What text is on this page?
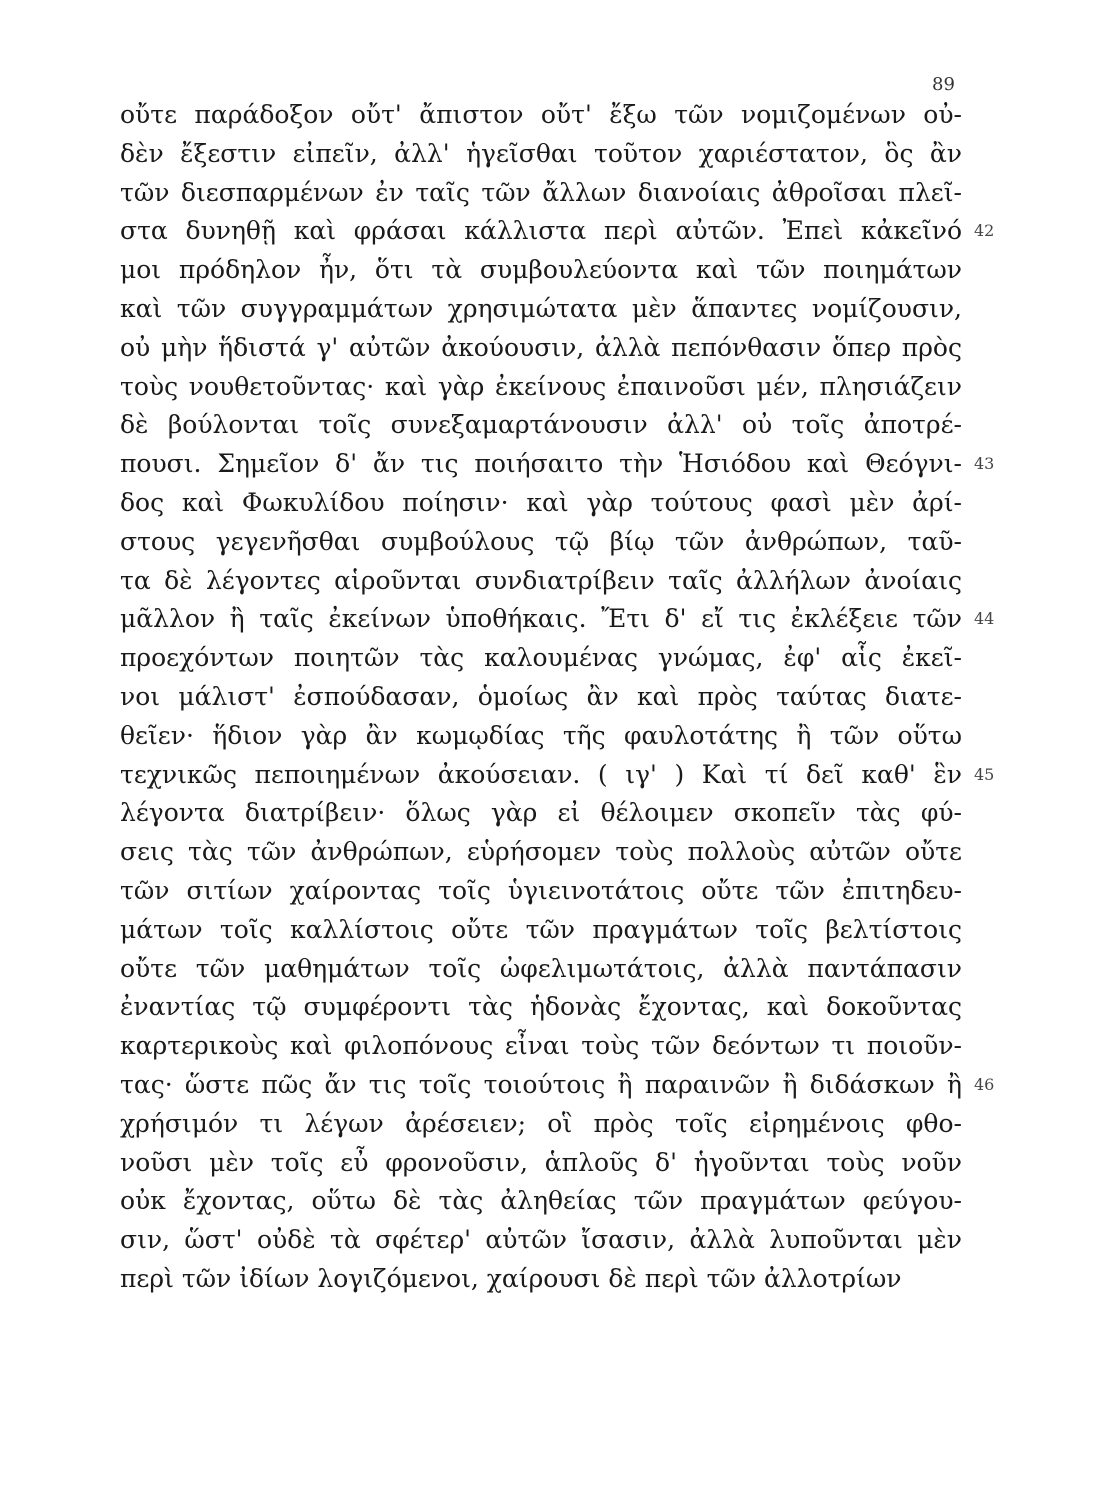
89
οὔτε παράδοξον οὔτ' ἄπιστον οὔτ' ἔξω τῶν νομιζομένων οὐ-
δὲν ἔξεστιν εἰπεῖν, ἀλλ' ἡγεῖσθαι τοῦτον χαριέστατον, ὃς ἂν
τῶν διεσπαρμένων ἐν ταῖς τῶν ἄλλων διανοίαις ἀθροῖσαι πλεῖ-
στα δυνηθῇ καὶ φράσαι κάλλιστα περὶ αὐτῶν. Ἐπεὶ κἀκεῖνό 42
μοι πρόδηλον ἦν, ὅτι τὰ συμβουλεύοντα καὶ τῶν ποιημάτων
καὶ τῶν συγγραμμάτων χρησιμώτατα μὲν ἅπαντες νομίζουσιν,
οὐ μὴν ἥδιστά γ' αὐτῶν ἀκούουσιν, ἀλλὰ πεπόνθασιν ὅπερ πρὸς
τοὺς νουθετοῦντας· καὶ γὰρ ἐκείνους ἐπαινοῦσι μέν, πλησιάζειν
δὲ βούλονται τοῖς συνεξαμαρτάνουσιν ἀλλ' οὐ τοῖς ἀποτρέ-
πουσι. Σημεῖον δ' ἄν τις ποιήσαιτο τὴν Ἡσιόδου καὶ Θεόγνι- 43
δος καὶ Φωκυλίδου ποίησιν· καὶ γὰρ τούτους φασὶ μὲν ἀρί-
στους γεγενῆσθαι συμβούλους τῷ βίῳ τῶν ἀνθρώπων, ταῦ-
τα δὲ λέγοντες αἱροῦνται συνδιατρίβειν ταῖς ἀλλήλων ἀνοίαις
μᾶλλον ἢ ταῖς ἐκείνων ὑποθήκαις. Ἔτι δ' εἴ τις ἐκλέξειε τῶν 44
προεχόντων ποιητῶν τὰς καλουμένας γνώμας, ἐφ' αἷς ἐκεῖ-
νοι μάλιστ' ἐσπούδασαν, ὁμοίως ἂν καὶ πρὸς ταύτας διατε-
θεῖεν· ἥδιον γὰρ ἂν κωμῳδίας τῆς φαυλοτάτης ἢ τῶν οὕτω
τεχνικῶς πεποιημένων ἀκούσειαν. ( ιγ' ) Καὶ τί δεῖ καθ' ἓν 45
λέγοντα διατρίβειν· ὅλως γὰρ εἰ θέλοιμεν σκοπεῖν τὰς φύ-
σεις τὰς τῶν ἀνθρώπων, εὑρήσομεν τοὺς πολλοὺς αὐτῶν οὔτε
τῶν σιτίων χαίροντας τοῖς ὑγιεινοτάτοις οὔτε τῶν ἐπιτηδευ-
μάτων τοῖς καλλίστοις οὔτε τῶν πραγμάτων τοῖς βελτίστοις
οὔτε τῶν μαθημάτων τοῖς ὠφελιμωτάτοις, ἀλλὰ παντάπασιν
ἐναντίας τῷ συμφέροντι τὰς ἡδονὰς ἔχοντας, καὶ δοκοῦντας
καρτερικοὺς καὶ φιλοπόνους εἶναι τοὺς τῶν δεόντων τι ποιοῦν-
τας· ὥστε πῶς ἄν τις τοῖς τοιούτοις ἢ παραινῶν ἢ διδάσκων ἢ 46
χρήσιμόν τι λέγων ἀρέσειεν; οἳ πρὸς τοῖς εἰρημένοις φθο-
νοῦσι μὲν τοῖς εὖ φρονοῦσιν, ἁπλοῦς δ' ἡγοῦνται τοὺς νοῦν
οὐκ ἔχοντας, οὕτω δὲ τὰς ἀληθείας τῶν πραγμάτων φεύγου-
σιν, ὥστ' οὐδὲ τὰ σφέτερ' αὐτῶν ἴσασιν, ἀλλὰ λυποῦνται μὲν
περὶ τῶν ἰδίων λογιζόμενοι, χαίρουσι δὲ περὶ τῶν ἀλλοτρίων
